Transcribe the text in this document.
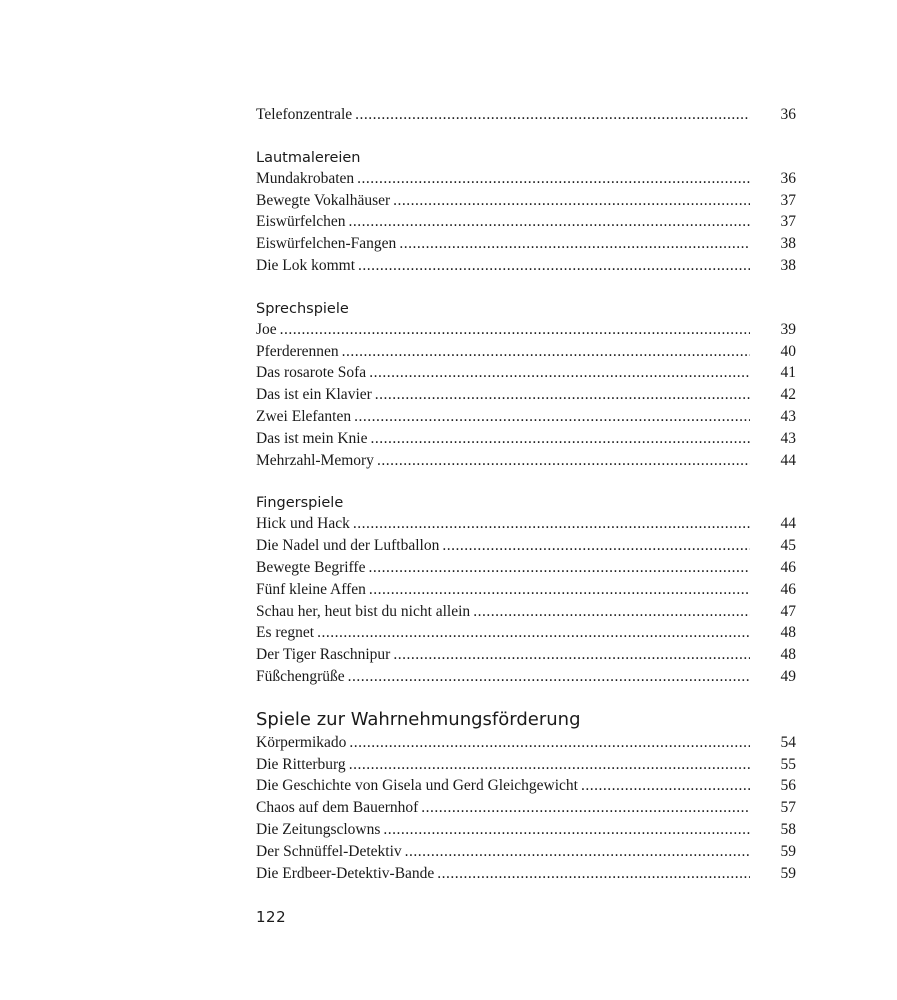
Telefonzentrale .....	36
Lautmalereien
Mundakrobaten .....	36
Bewegte Vokalhäuser .....	37
Eiswürfelchen .....	37
Eiswürfelchen-Fangen .....	38
Die Lok kommt .....	38
Sprechspiele
Joe .....	39
Pferderennen .....	40
Das rosarote Sofa .....	41
Das ist ein Klavier .....	42
Zwei Elefanten .....	43
Das ist mein Knie .....	43
Mehrzahl-Memory .....	44
Fingerspiele
Hick und Hack .....	44
Die Nadel und der Luftballon .....	45
Bewegte Begriffe .....	46
Fünf kleine Affen .....	46
Schau her, heut bist du nicht allein .....	47
Es regnet .....	48
Der Tiger Raschnipur .....	48
Füßchengrüße .....	49
Spiele zur Wahrnehmungsförderung
Körpermikado .....	54
Die Ritterburg .....	55
Die Geschichte von Gisela und Gerd Gleichgewicht .....	56
Chaos auf dem Bauernhof .....	57
Die Zeitungsclowns .....	58
Der Schnüffel-Detektiv .....	59
Die Erdbeer-Detektiv-Bande .....	59
122
